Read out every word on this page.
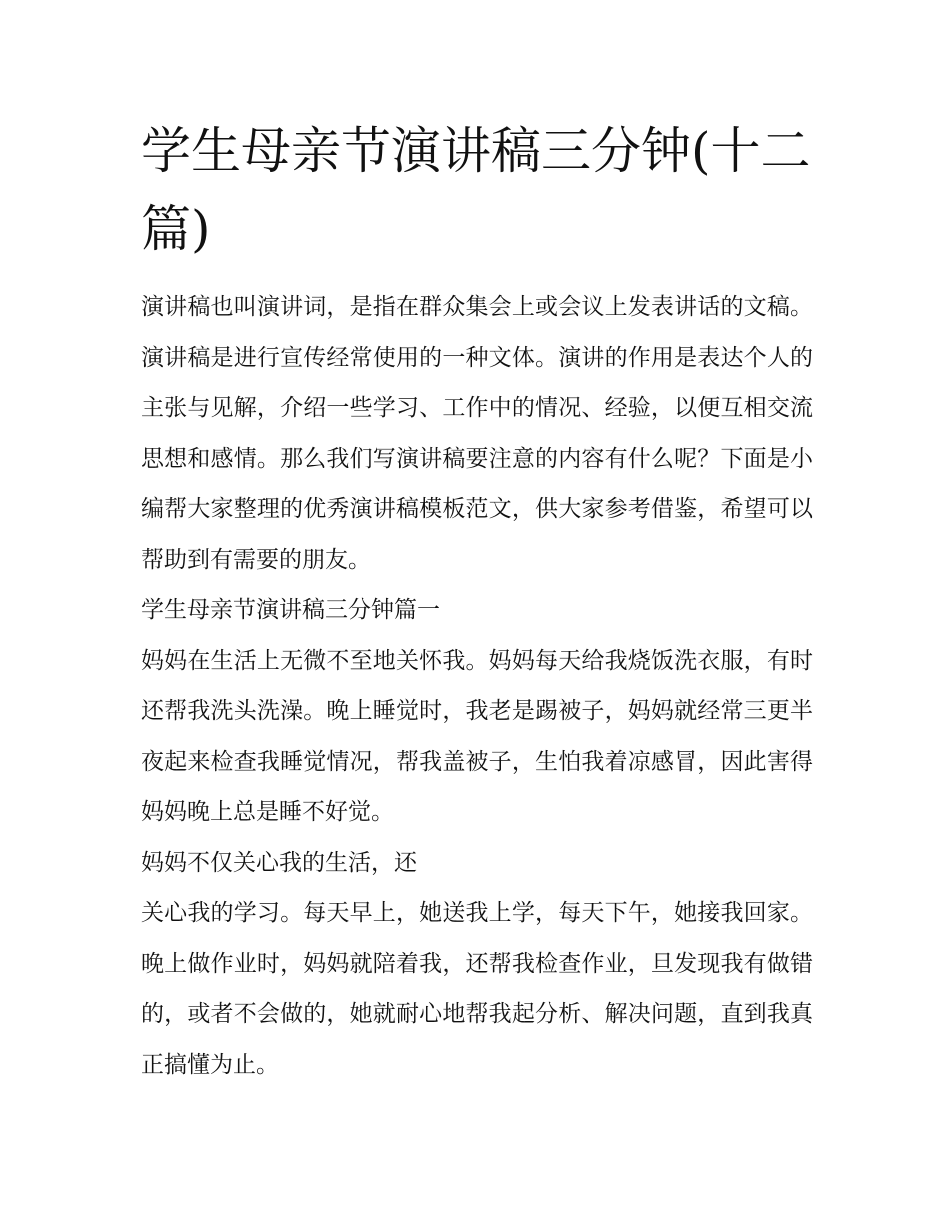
学生母亲节演讲稿三分钟(十二篇)

演讲稿也叫演讲词，是指在群众集会上或会议上发表讲话的文稿。演讲稿是进行宣传经常使用的一种文体。演讲的作用是表达个人的主张与见解，介绍一些学习、工作中的情况、经验，以便互相交流思想和感情。那么我们写演讲稿要注意的内容有什么呢？下面是小编帮大家整理的优秀演讲稿模板范文，供大家参考借鉴，希望可以帮助到有需要的朋友。

学生母亲节演讲稿三分钟篇一

妈妈在生活上无微不至地关怀我。妈妈每天给我烧饭洗衣服，有时还帮我洗头洗澡。晚上睡觉时，我老是踢被子，妈妈就经常三更半夜起来检查我睡觉情况，帮我盖被子，生怕我着凉感冒，因此害得妈妈晚上总是睡不好觉。

妈妈不仅关心我的生活，还

关心我的学习。每天早上，她送我上学，每天下午，她接我回家。晚上做作业时，妈妈就陪着我，还帮我检查作业，旦发现我有做错的，或者不会做的，她就耐心地帮我起分析、解决问题，直到我真正搞懂为止。
